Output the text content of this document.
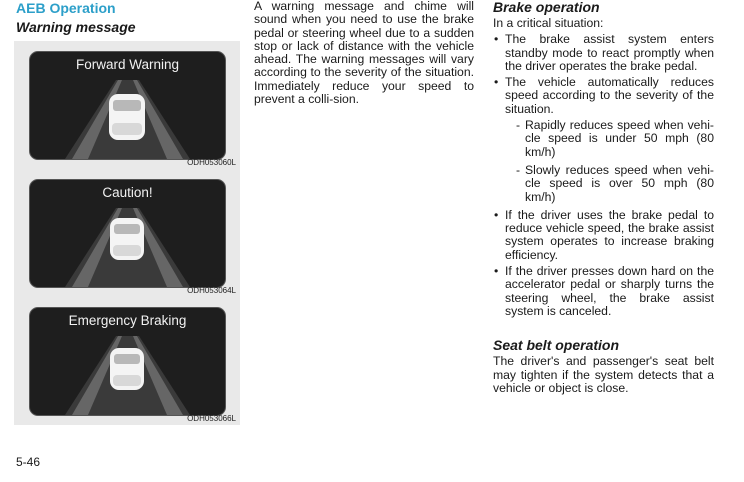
AEB Operation
Warning message
Forward Warning
ODH053060L
Caution!
ODH053064L
Emergency Braking
ODH053066L

A warning message and chime will sound when you need to use the brake pedal or steering wheel due to a sudden stop or lack of distance with the vehicle ahead. The warning messages will vary according to the severity of the situation. Immediately reduce your speed to prevent a colli-sion.

Brake operation

In a critical situation:

• The brake assist system enters standby mode to react promptly when the driver operates the brake pedal.
• The vehicle automatically reduces speed according to the severity of the situation.
- Rapidly reduces speed when vehi-cle speed is under 50 mph (80 km/h)
- Slowly reduces speed when vehi-cle speed is over 50 mph (80 km/h)
• If the driver uses the brake pedal to reduce vehicle speed, the brake assist system operates to increase braking efficiency.
• If the driver presses down hard on the accelerator pedal or sharply turns the steering wheel, the brake assist system is canceled.
Seat belt operation

The driver's and passenger's seat belt may tighten if the system detects that a vehicle or object is close.

5-46
